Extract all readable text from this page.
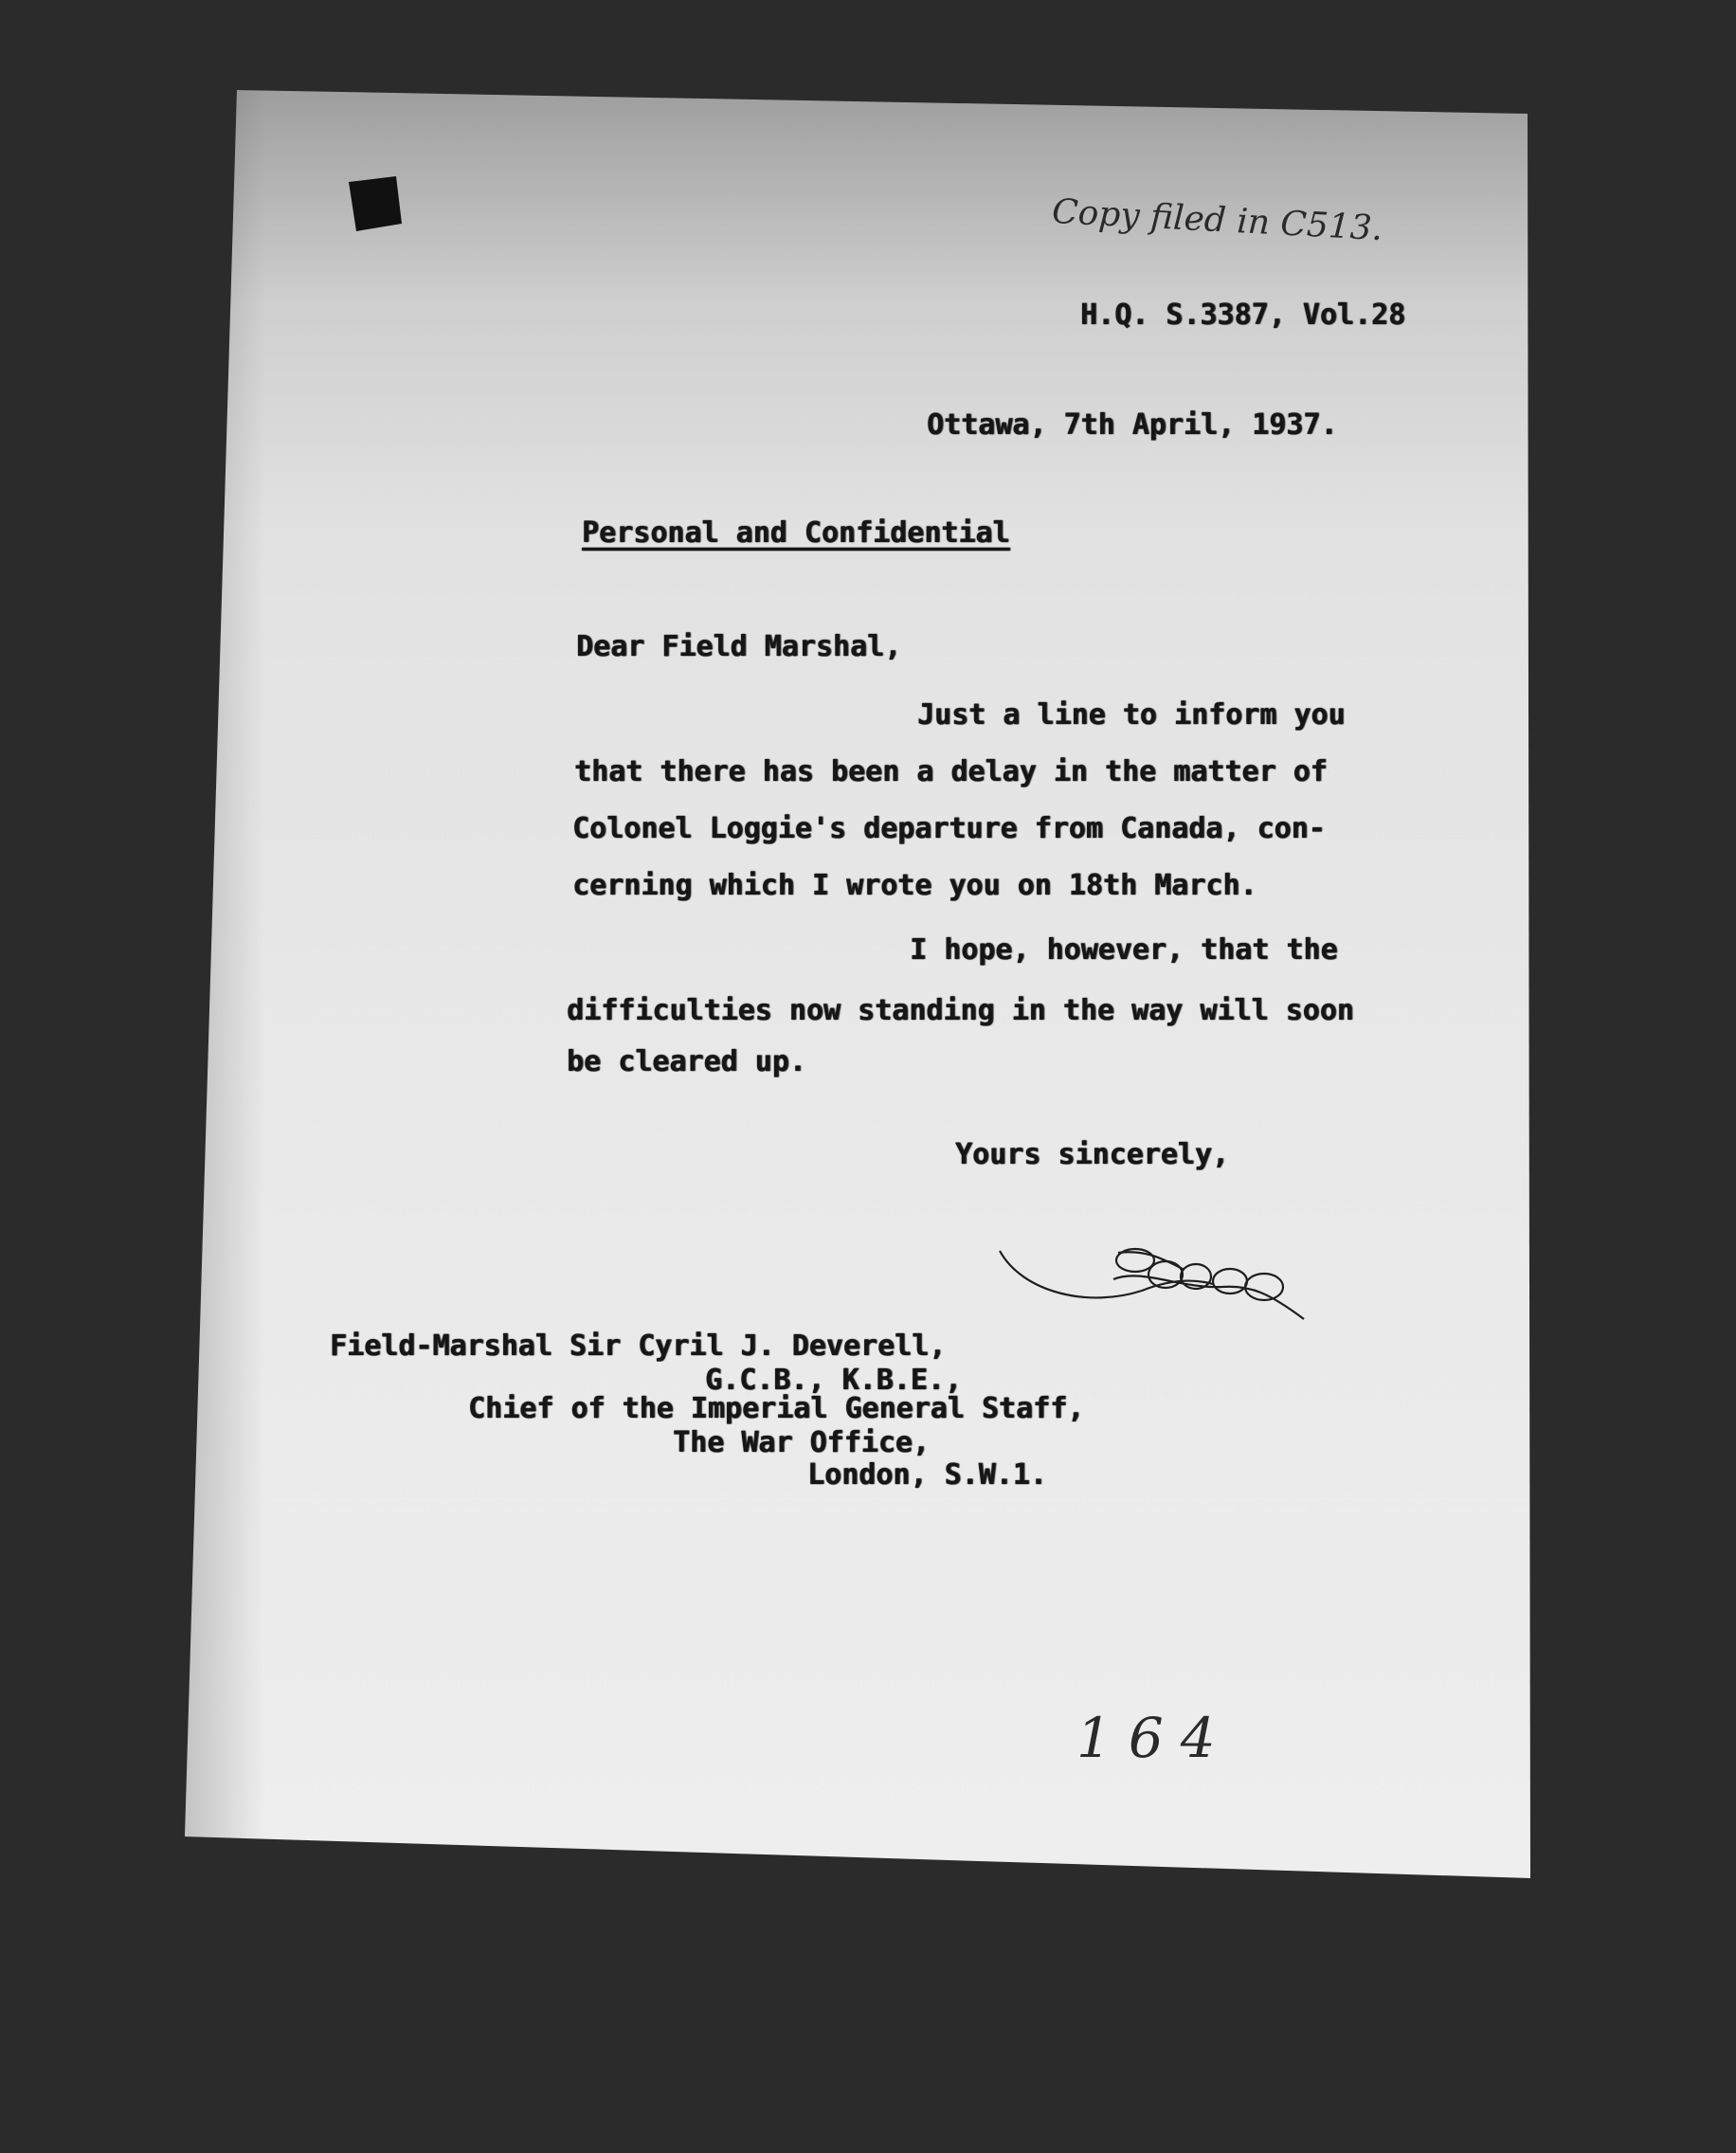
Copy filed in C513.

H.Q. S.3387, Vol.28

Ottawa, 7th April, 1937.

Personal and Confidential

Dear Field Marshal,

Just a line to inform you

that there has been a delay in the matter of

Colonel Loggie's departure from Canada, con-

cerning which I wrote you on 18th March.

I hope, however, that the

difficulties now standing in the way will soon

be cleared up.

Yours sincerely,

Field-Marshal Sir Cyril J. Deverell,

G.C.B., K.B.E.,

Chief of the Imperial General Staff,

The War Office,

London, S.W.1.

164
